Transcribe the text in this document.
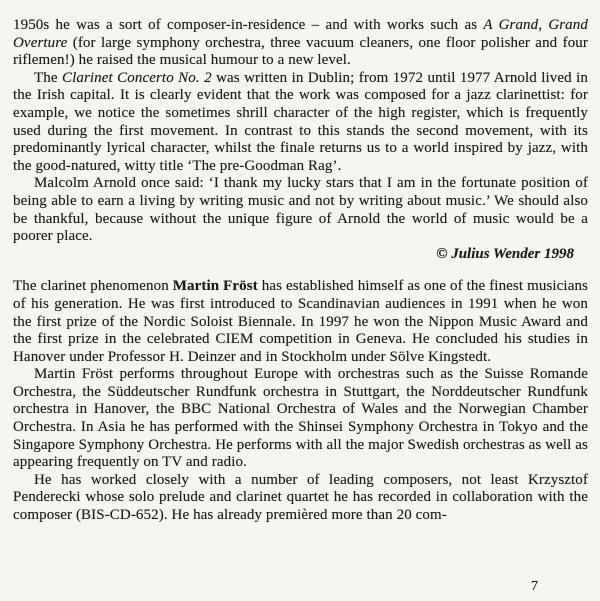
1950s he was a sort of composer-in-residence – and with works such as A Grand, Grand Overture (for large symphony orchestra, three vacuum cleaners, one floor polisher and four riflemen!) he raised the musical humour to a new level.

The Clarinet Concerto No. 2 was written in Dublin; from 1972 until 1977 Arnold lived in the Irish capital. It is clearly evident that the work was composed for a jazz clarinettist: for example, we notice the sometimes shrill character of the high register, which is frequently used during the first movement. In contrast to this stands the second movement, with its predominantly lyrical character, whilst the finale returns us to a world inspired by jazz, with the good-natured, witty title ‘The pre-Goodman Rag’.

Malcolm Arnold once said: ‘I thank my lucky stars that I am in the fortunate position of being able to earn a living by writing music and not by writing about music.’ We should also be thankful, because without the unique figure of Arnold the world of music would be a poorer place.

© Julius Wender 1998

The clarinet phenomenon Martin Fröst has established himself as one of the finest musicians of his generation. He was first introduced to Scandinavian audiences in 1991 when he won the first prize of the Nordic Soloist Biennale. In 1997 he won the Nippon Music Award and the first prize in the celebrated CIEM competition in Geneva. He concluded his studies in Hanover under Professor H. Deinzer and in Stockholm under Sölve Kingstedt.

Martin Fröst performs throughout Europe with orchestras such as the Suisse Romande Orchestra, the Süddeutscher Rundfunk orchestra in Stuttgart, the Norddeutscher Rundfunk orchestra in Hanover, the BBC National Orchestra of Wales and the Norwegian Chamber Orchestra. In Asia he has performed with the Shinsei Symphony Orchestra in Tokyo and the Singapore Symphony Orchestra. He performs with all the major Swedish orchestras as well as appearing frequently on TV and radio.

He has worked closely with a number of leading composers, not least Krzysztof Penderecki whose solo prelude and clarinet quartet he has recorded in collaboration with the composer (BIS-CD-652). He has already premièred more than 20 com-

7
